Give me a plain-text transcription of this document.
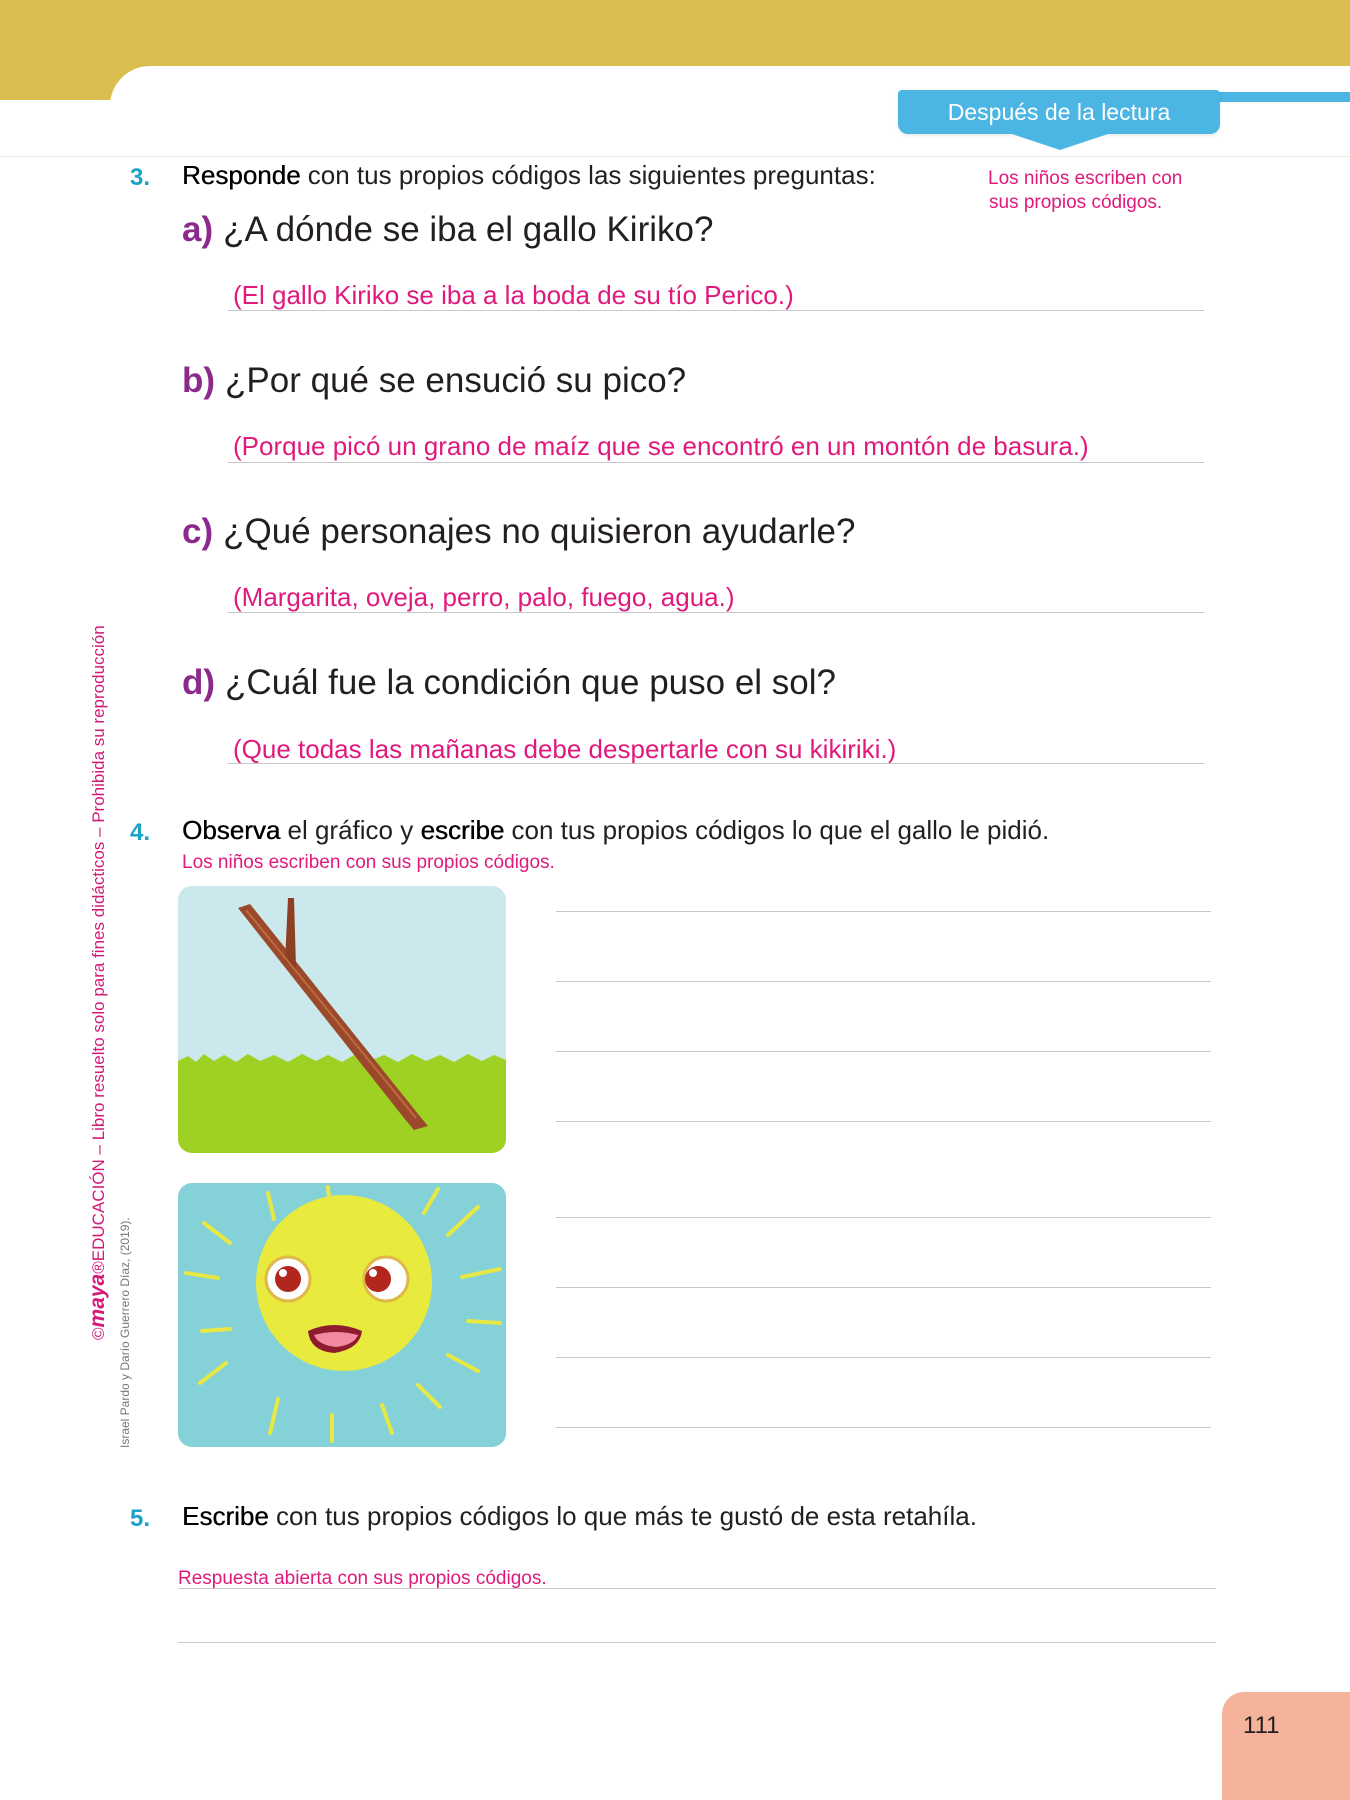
Después de la lectura
©maya®EDUCACIÓN – Libro resuelto solo para fines didácticos – Prohibida su reproducción
Israel Pardo y Darío Guerrero Díaz, (2019).
3. Responde con tus propios códigos las siguientes preguntas:	Los niños escriben con
sus propios códigos.
a) ¿A dónde se iba el gallo Kiriko?
(El gallo Kiriko se iba a la boda de su tío Perico.)
b) ¿Por qué se ensució su pico?
(Porque picó un grano de maíz que se encontró en un montón de basura.)
c) ¿Qué personajes no quisieron ayudarle?
(Margarita, oveja, perro, palo, fuego, agua.)
d) ¿Cuál fue la condición que puso el sol?
(Que todas las mañanas debe despertarle con su kikiriki.)
4. Observa el gráfico y escribe con tus propios códigos lo que el gallo le pidió.
Los niños escriben con sus propios códigos.
5. Escribe con tus propios códigos lo que más te gustó de esta retahíla.
Respuesta abierta con sus propios códigos.
111
